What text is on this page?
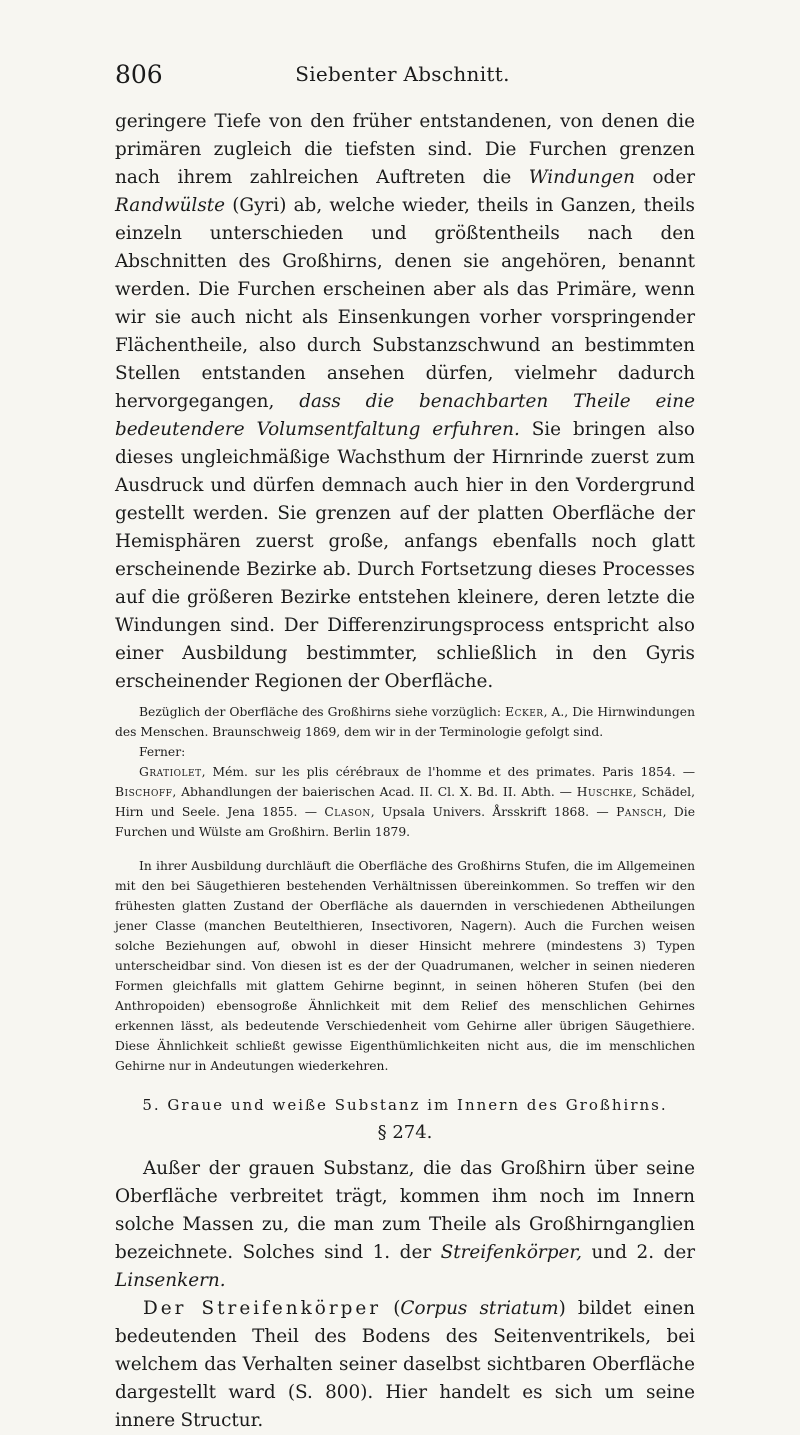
806	Siebenter Abschnitt.

geringere Tiefe von den früher entstandenen, von denen die primären zugleich die tiefsten sind. Die Furchen grenzen nach ihrem zahlreichen Auftreten die Windungen oder Randwülste (Gyri) ab, welche wieder, theils in Ganzen, theils einzeln unterschieden und größtentheils nach den Abschnitten des Großhirns, denen sie angehören, benannt werden. Die Furchen erscheinen aber als das Primäre, wenn wir sie auch nicht als Einsenkungen vorher vorspringender Flächentheile, also durch Substanzschwund an bestimmten Stellen entstanden ansehen dürfen, vielmehr dadurch hervorgegangen, dass die benachbarten Theile eine bedeutendere Volumsentfaltung erfuhren. Sie bringen also dieses ungleichmäßige Wachsthum der Hirnrinde zuerst zum Ausdruck und dürfen demnach auch hier in den Vordergrund gestellt werden. Sie grenzen auf der platten Oberfläche der Hemisphären zuerst große, anfangs ebenfalls noch glatt erscheinende Bezirke ab. Durch Fortsetzung dieses Processes auf die größeren Bezirke entstehen kleinere, deren letzte die Windungen sind. Der Differenzirungsprocess entspricht also einer Ausbildung bestimmter, schließlich in den Gyris erscheinender Regionen der Oberfläche.

Bezüglich der Oberfläche des Großhirns siehe vorzüglich: Ecker, A., Die Hirnwindungen des Menschen. Braunschweig 1869, dem wir in der Terminologie gefolgt sind.

Ferner:

Gratiolet, Mém. sur les plis cérébraux de l'homme et des primates. Paris 1854. — Bischoff, Abhandlungen der baierischen Acad. II. Cl. X. Bd. II. Abth. — Huschke, Schädel, Hirn und Seele. Jena 1855. — Clason, Upsala Univers. Årsskrift 1868. — Pansch, Die Furchen und Wülste am Großhirn. Berlin 1879.

In ihrer Ausbildung durchläuft die Oberfläche des Großhirns Stufen, die im Allgemeinen mit den bei Säugethieren bestehenden Verhältnissen übereinkommen. So treffen wir den frühesten glatten Zustand der Oberfläche als dauernden in verschiedenen Abtheilungen jener Classe (manchen Beutelthieren, Insectivoren, Nagern). Auch die Furchen weisen solche Beziehungen auf, obwohl in dieser Hinsicht mehrere (mindestens 3) Typen unterscheidbar sind. Von diesen ist es der der Quadrumanen, welcher in seinen niederen Formen gleichfalls mit glattem Gehirne beginnt, in seinen höheren Stufen (bei den Anthropoiden) ebensogroße Ähnlichkeit mit dem Relief des menschlichen Gehirnes erkennen lässt, als bedeutende Verschiedenheit vom Gehirne aller übrigen Säugethiere. Diese Ähnlichkeit schließt gewisse Eigenthümlichkeiten nicht aus, die im menschlichen Gehirne nur in Andeutungen wiederkehren.

5. Graue und weiße Substanz im Innern des Großhirns.
§ 274.

Außer der grauen Substanz, die das Großhirn über seine Oberfläche verbreitet trägt, kommen ihm noch im Innern solche Massen zu, die man zum Theile als Großhirnganglien bezeichnete. Solches sind 1. der Streifenkörper, und 2. der Linsenkern.

Der Streifenkörper (Corpus striatum) bildet einen bedeutenden Theil des Bodens des Seitenventrikels, bei welchem das Verhalten seiner daselbst sichtbaren Oberfläche dargestellt ward (S. 800). Hier handelt es sich um seine innere Structur.
